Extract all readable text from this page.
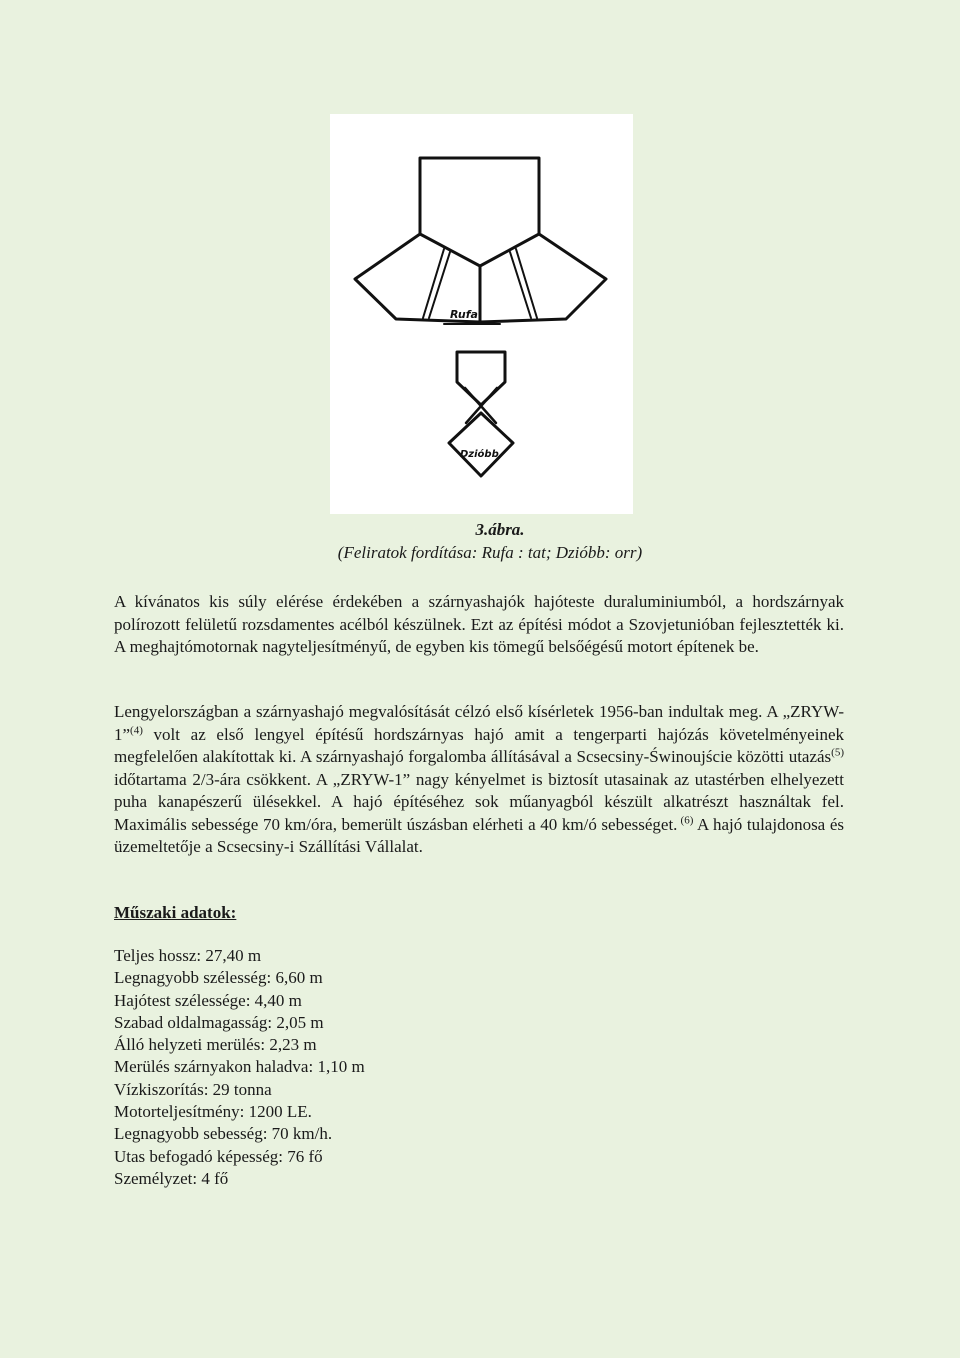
Rufa
Dzióbb
3.ábra.
(Feliratok fordítása: Rufa : tat; Dzióbb: orr)

A kívánatos kis súly elérése érdekében a szárnyashajók hajóteste duraluminiumból, a hordszárnyak polírozott felületű rozsdamentes acélból készülnek. Ezt az építési módot a Szovjetunióban fejlesztették ki. A meghajtómotornak nagyteljesítményű, de egyben kis tömegű belsőégésű motort építenek be.

Lengyelországban a szárnyashajó megvalósítását célzó első kísérletek 1956-ban indultak meg. A „ZRYW-1”$^{(4)}$ volt az első lengyel építésű hordszárnyas hajó amit a tengerparti hajózás követelményeinek megfelelően alakítottak ki. A szárnyashajó forgalomba állításával a Scsecsiny-Świnoujście közötti utazás$^{(5)}$ időtartama 2/3-ára csökkent. A „ZRYW-1” nagy kényelmet is biztosít utasainak az utastérben elhelyezett puha kanapészerű ülésekkel. A hajó építéséhez sok műanyagból készült alkatrészt használtak fel. Maximális sebessége 70 km/óra, bemerült úszásban elérheti a 40 km/ó sebességet. $^{(6)}$ A hajó tulajdonosa és üzemeltetője a Scsecsiny-i Szállítási Vállalat.

Műszaki adatok:
Teljes hossz: 27,40 m
Legnagyobb szélesség: 6,60 m
Hajótest szélessége: 4,40 m
Szabad oldalmagasság: 2,05 m
Álló helyzeti merülés: 2,23 m
Merülés szárnyakon haladva: 1,10 m
Vízkiszorítás: 29 tonna
Motorteljesítmény: 1200 LE.
Legnagyobb sebesség: 70 km/h.
Utas befogadó képesség: 76 fő
Személyzet: 4 fő
